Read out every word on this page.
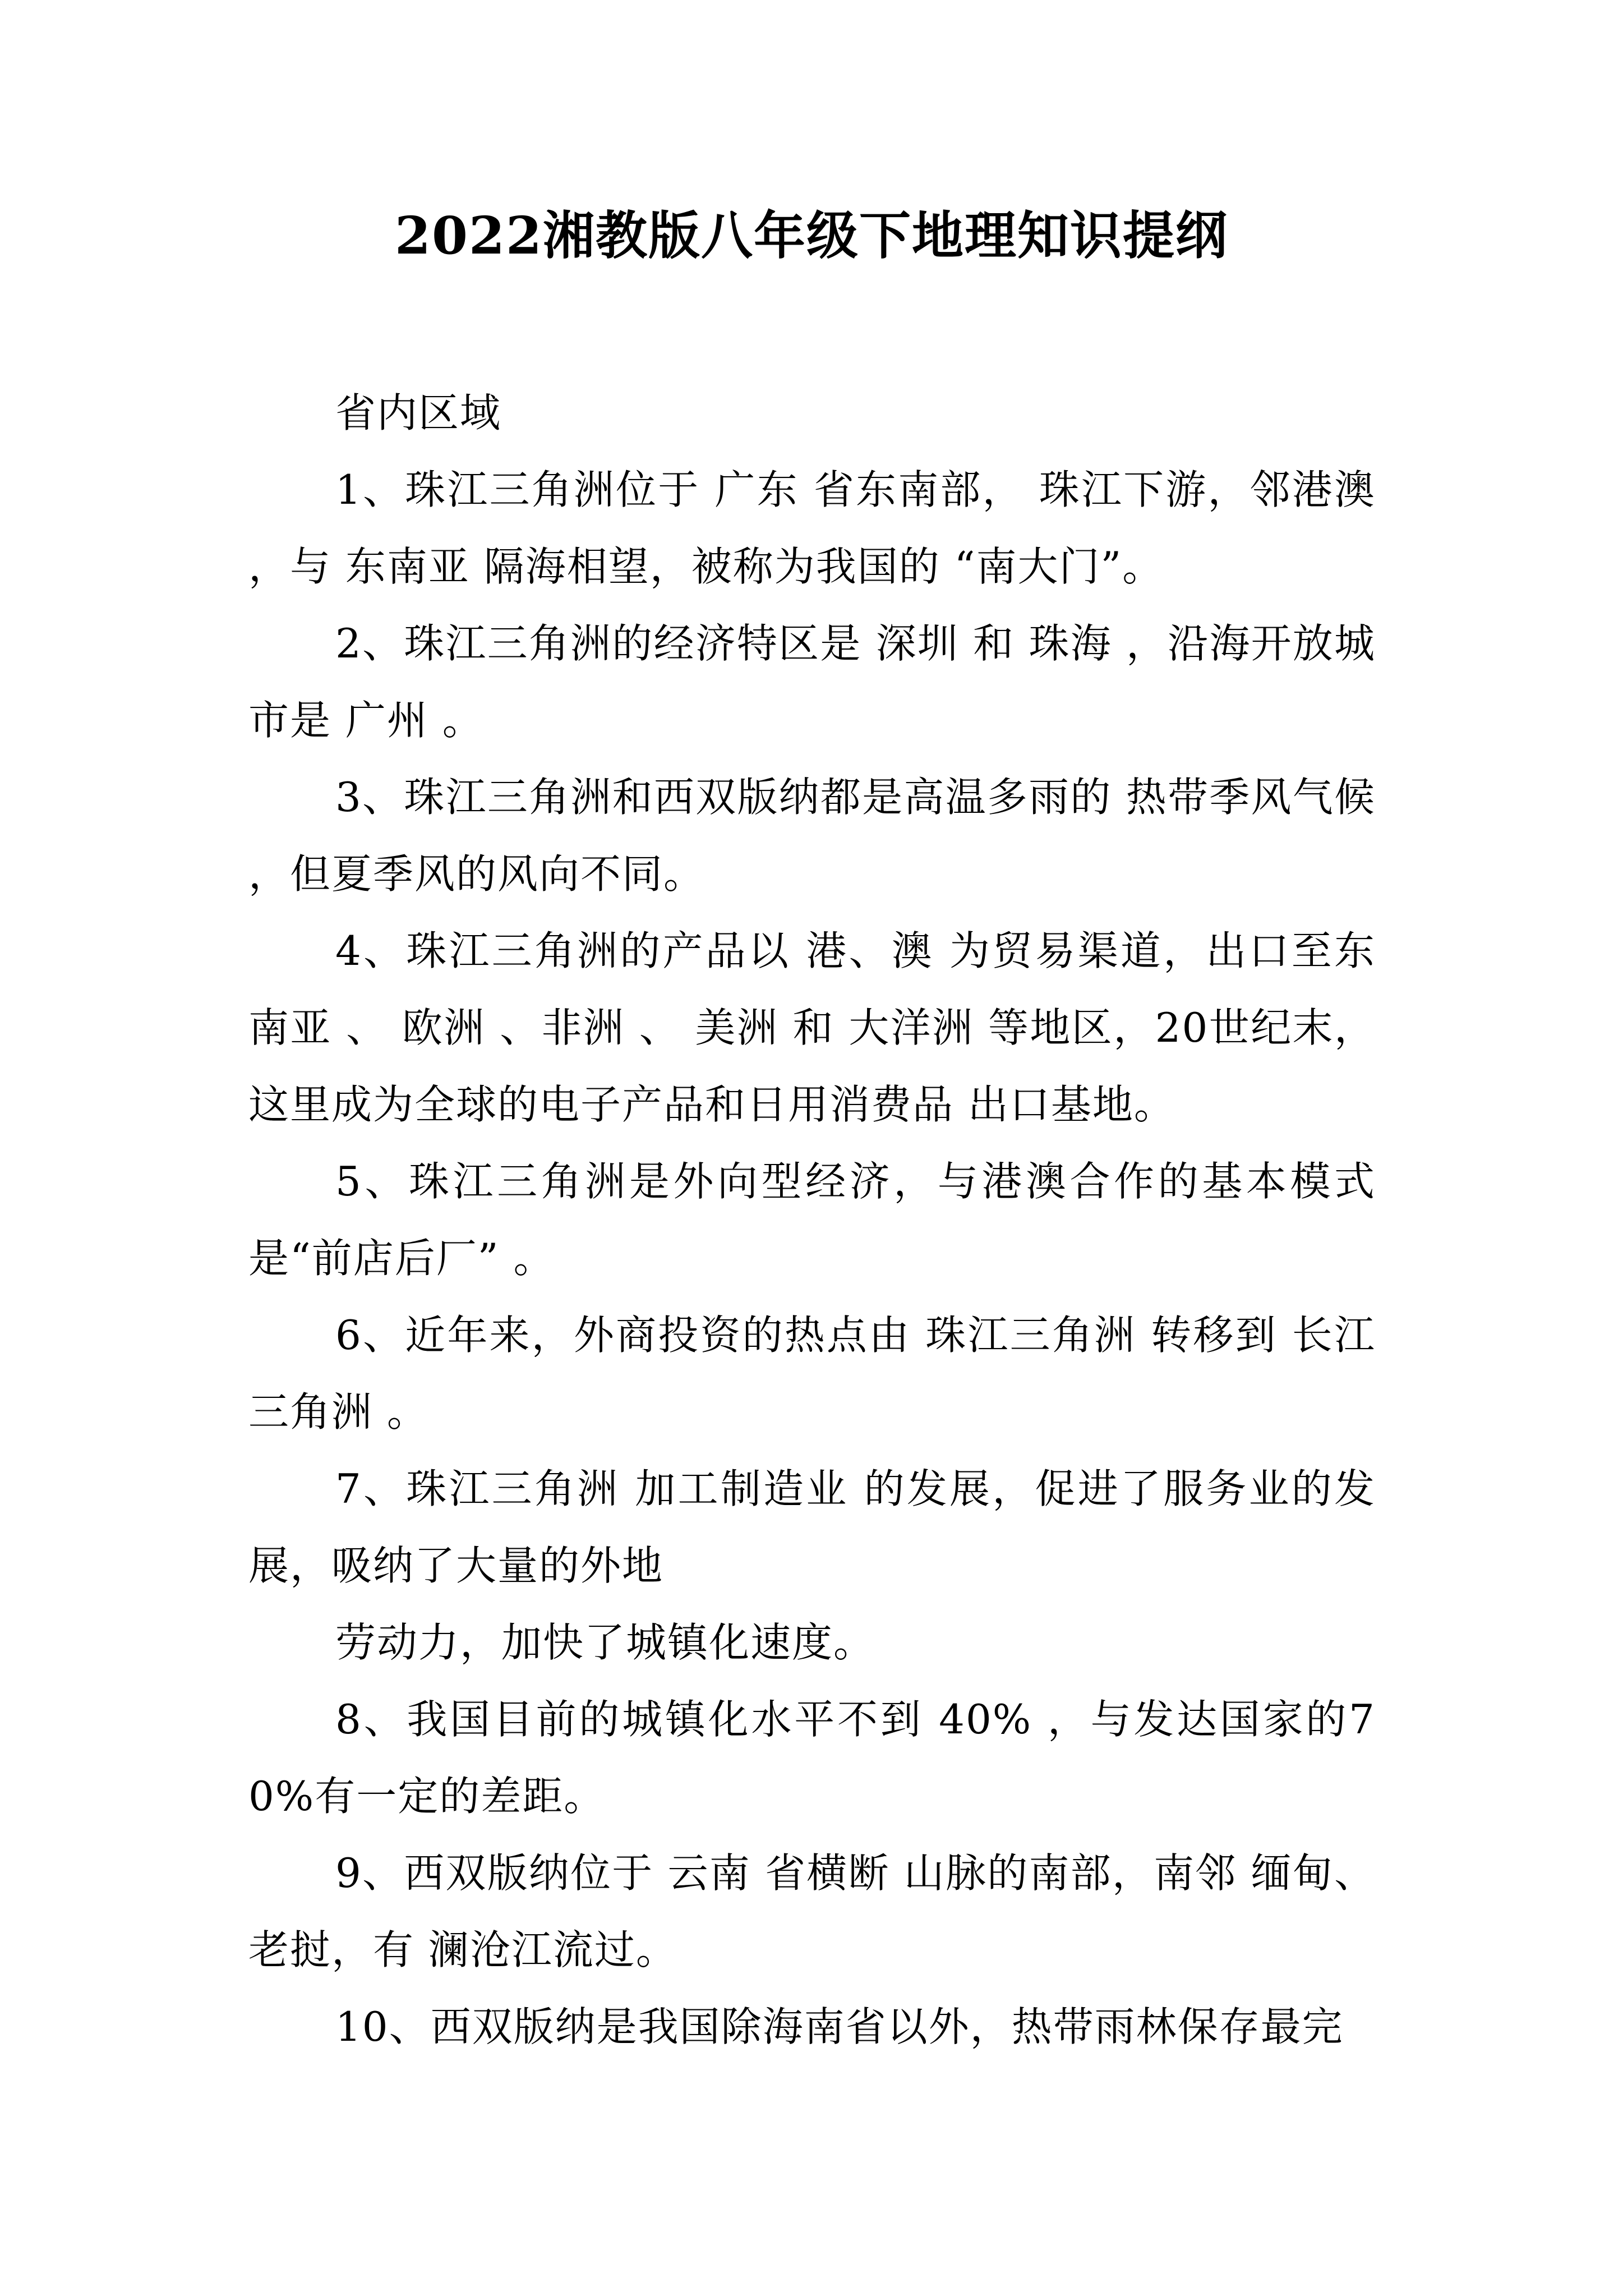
2022湘教版八年级下地理知识提纲

省内区域

1、珠江三角洲位于 广东 省东南部， 珠江下游，邻港澳 ，与 东南亚 隔海相望，被称为我国的 “南大门”。

2、珠江三角洲的经济特区是 深圳 和 珠海 ，沿海开放城市是 广州 。

3、珠江三角洲和西双版纳都是高温多雨的 热带季风气候 ，但夏季风的风向不同。

4、珠江三角洲的产品以 港、澳 为贸易渠道，出口至东南亚 、 欧洲 、非洲 、 美洲 和 大洋洲 等地区，20世纪末，这里成为全球的电子产品和日用消费品 出口基地。

5、珠江三角洲是外向型经济，与港澳合作的基本模式是“前店后厂” 。

6、近年来，外商投资的热点由 珠江三角洲 转移到 长江三角洲 。

7、珠江三角洲 加工制造业 的发展，促进了服务业的发展，吸纳了大量的外地

劳动力，加快了城镇化速度。

8、我国目前的城镇化水平不到 40% ，与发达国家的70%有一定的差距。

9、西双版纳位于 云南 省横断 山脉的南部，南邻 缅甸、老挝，有 澜沧江流过。

10、西双版纳是我国除海南省以外，热带雨林保存最完
